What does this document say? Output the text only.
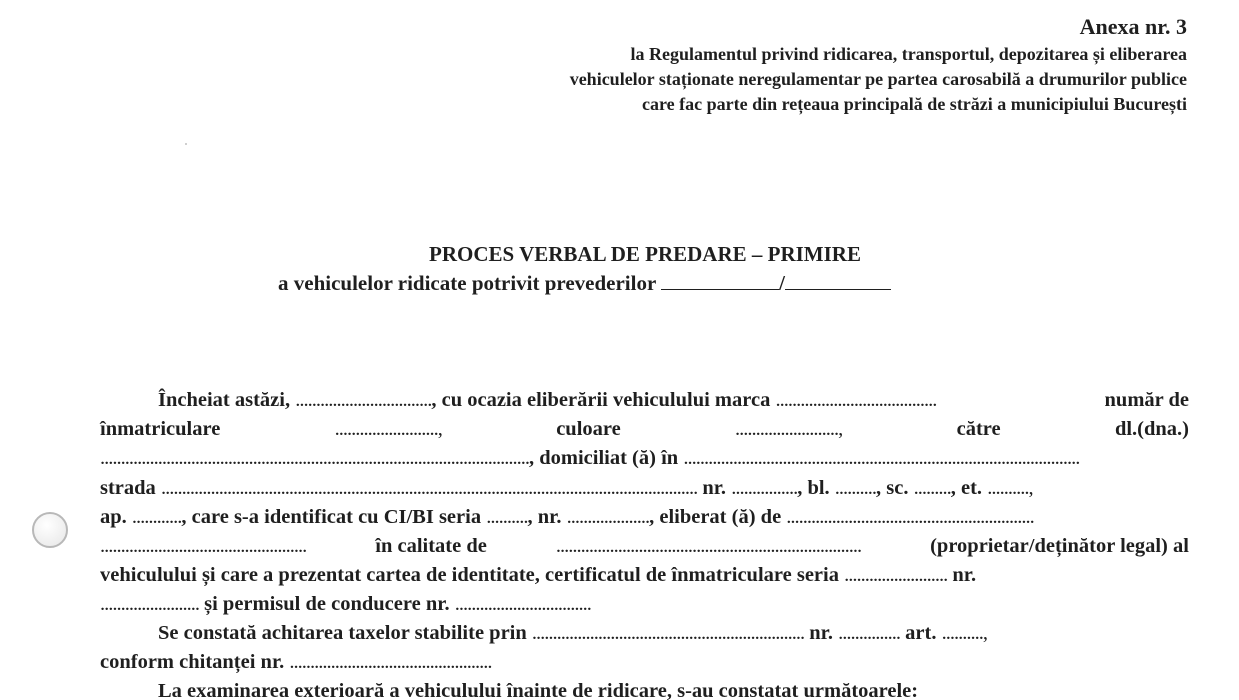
Anexa nr. 3
la Regulamentul privind ridicarea, transportul, depozitarea și eliberarea
vehiculelor staționate neregulamentar pe partea carosabilă a drumurilor publice
care fac parte din rețeaua principală de străzi a municipiului București
PROCES VERBAL DE PREDARE – PRIMIRE
a vehiculelor ridicate potrivit prevederilor	/
Încheiat astăzi, ................................., cu ocazia eliberării vehiculului marca .......................................	număr de
înmatriculare	.........................,	culoare	.........................,	către	dl.(dna.)
........................................................................................................, domiciliat (ă) în ................................................................................................
strada .................................................................................................................................. nr. ................, bl. .........., sc. ........., et. ..........,
ap. ............, care s-a identificat cu CI/BI seria .........., nr. ...................., eliberat (ă) de ............................................................
..................................................	în calitate de	..........................................................................	(proprietar/deținător legal) al
vehiculului și care a prezentat cartea de identitate, certificatul de înmatriculare seria ......................... nr.
........................ și permisul de conducere nr. .................................
Se constată achitarea taxelor stabilite prin .................................................................. nr. ............... art. ..........,
conform chitanței nr. .................................................
La examinarea exterioară a vehiculului înainte de ridicare, s-au constatat următoarele:
